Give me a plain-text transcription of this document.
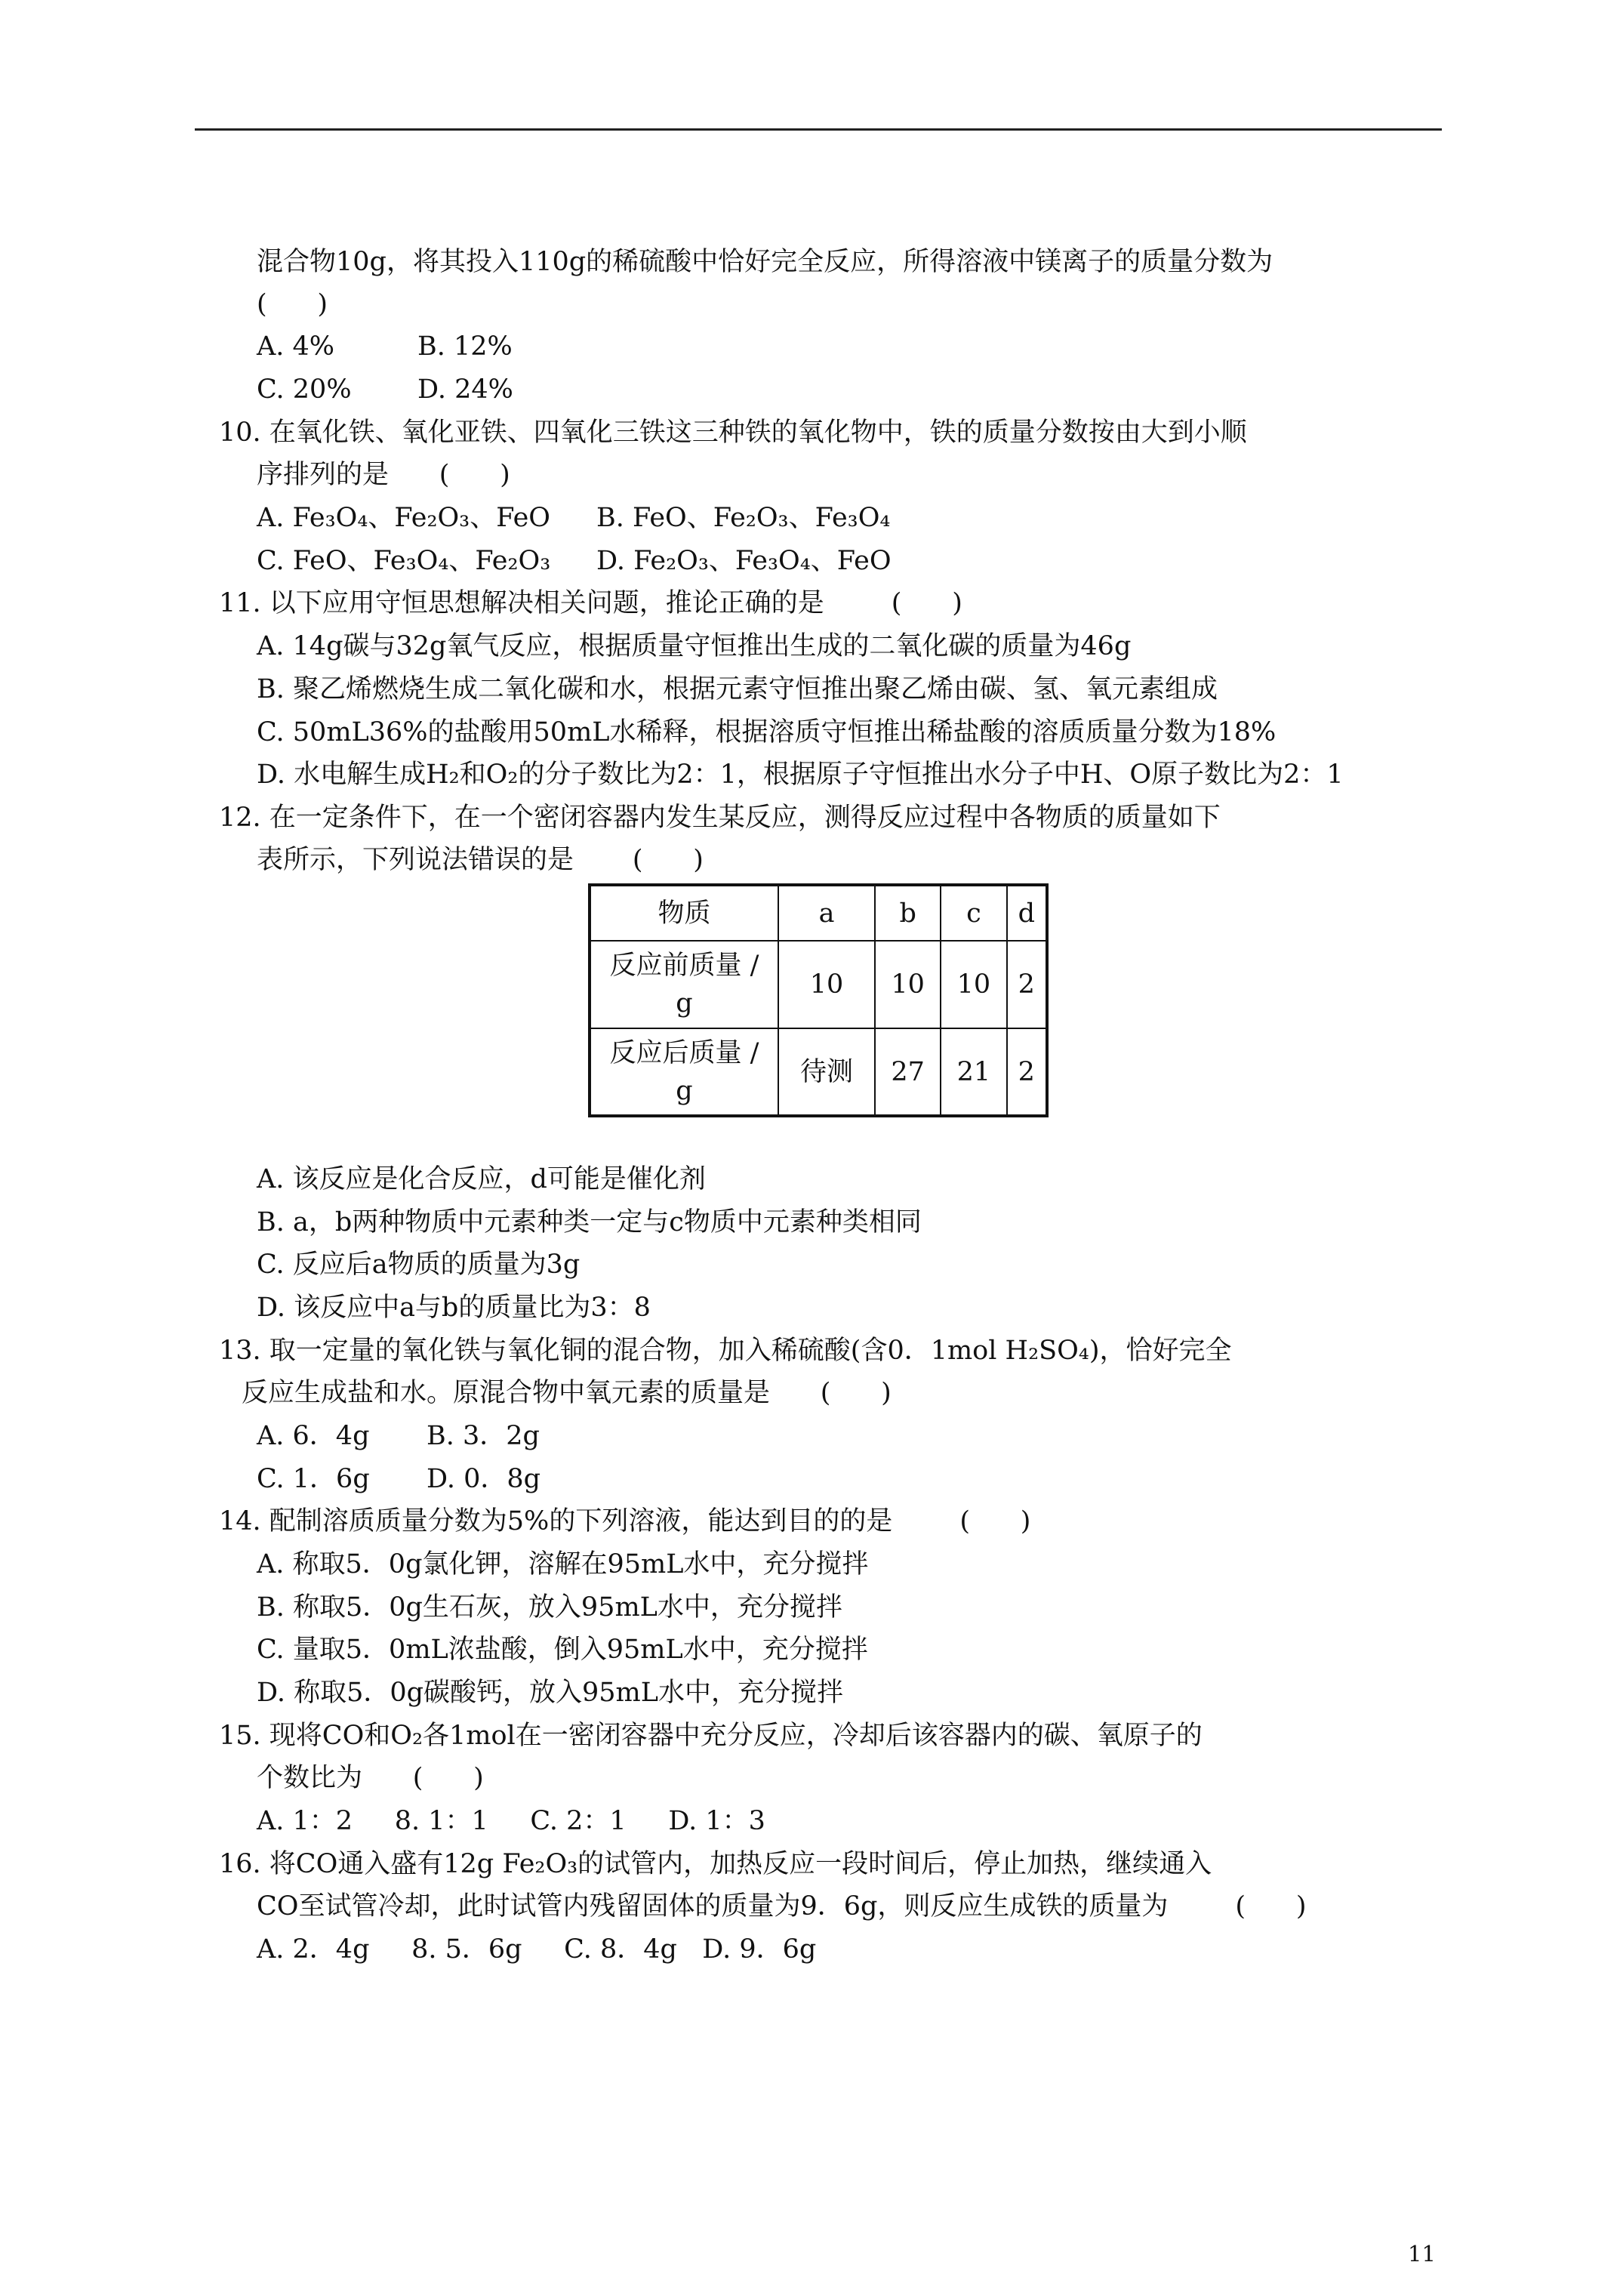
混合物10g，将其投入110g的稀硫酸中恰好完全反应，所得溶液中镁离子的质量分数为
(      )
A. 4%	B. 12%
C. 20% D. 24%
10. 在氧化铁、氧化亚铁、四氧化三铁这三种铁的氧化物中，铁的质量分数按由大到小顺
序排列的是      (      )
A. Fe₃O₄、Fe₂O₃、FeO B. FeO、Fe₂O₃、Fe₃O₄
C. FeO、Fe₃O₄、Fe₂O₃ D. Fe₂O₃、Fe₃O₄、FeO
11. 以下应用守恒思想解决相关问题，推论正确的是        (      )
A. 14g碳与32g氧气反应，根据质量守恒推出生成的二氧化碳的质量为46g
B. 聚乙烯燃烧生成二氧化碳和水，根据元素守恒推出聚乙烯由碳、氢、氧元素组成
C. 50mL36%的盐酸用50mL水稀释，根据溶质守恒推出稀盐酸的溶质质量分数为18%
D. 水电解生成H₂和O₂的分子数比为2：1，根据原子守恒推出水分子中H、O原子数比为2：1
12. 在一定条件下，在一个密闭容器内发生某反应，测得反应过程中各物质的质量如下
表所示，下列说法错误的是       (      )
物质	a	b	c	d

反应前质量 /
g	10	10	10	2

反应后质量 /
g	待测	27	21	2
A. 该反应是化合反应，d可能是催化剂
B. a，b两种物质中元素种类一定与c物质中元素种类相同
C. 反应后a物质的质量为3g
D. 该反应中a与b的质量比为3：8
13. 取一定量的氧化铁与氧化铜的混合物，加入稀硫酸(含0．1mol H₂SO₄)，恰好完全
反应生成盐和水。原混合物中氧元素的质量是      (      )
A. 6．4g B. 3．2g
C. 1．6g D. 0．8g
14. 配制溶质质量分数为5%的下列溶液，能达到目的的是        (      )
A. 称取5．0g氯化钾，溶解在95mL水中，充分搅拌
B. 称取5．0g生石灰，放入95mL水中，充分搅拌
C. 量取5．0mL浓盐酸，倒入95mL水中，充分搅拌
D. 称取5．0g碳酸钙，放入95mL水中，充分搅拌
15. 现将CO和O₂各1mol在一密闭容器中充分反应，冷却后该容器内的碳、氧原子的
个数比为      (      )
A. 1：2     8. 1：1     C. 2：1     D. 1：3
16. 将CO通入盛有12g Fe₂O₃的试管内，加热反应一段时间后，停止加热，继续通入
CO至试管冷却，此时试管内残留固体的质量为9．6g，则反应生成铁的质量为        (      )
A. 2．4g     8. 5．6g     C. 8．4g   D. 9．6g
11
